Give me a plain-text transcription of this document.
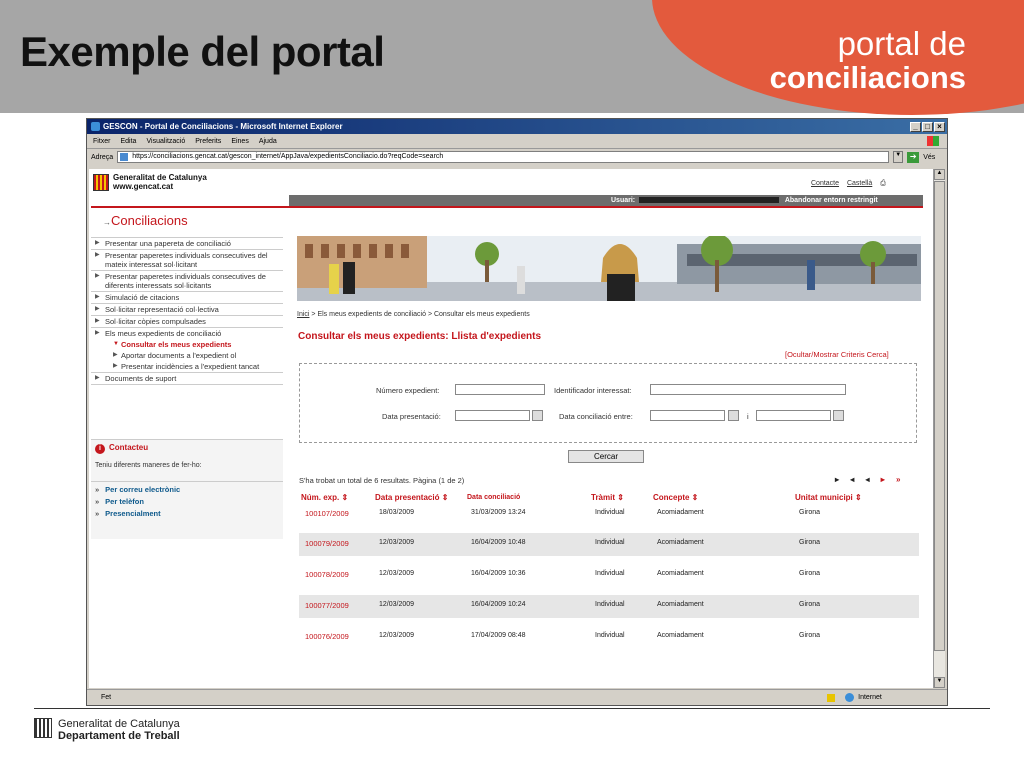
Exemple del portal	portal de
conciliacions
GESCON - Portal de Conciliacions - Microsoft Internet Explorer	_ □ ×
Fitxer Edita Visualització Preferits Eines Ajuda
Adreça	https://conciliacions.gencat.cat/gescon_internet/AppJava/expedientsConciliacio.do?reqCode=search	▼	➔ Vés
Generalitat de Catalunya
www.gencat.cat	Contacte Castellà ⎙
Usuari:	Abandonar entorn restringit
→Conciliacions
▶ Presentar una papereta de conciliació
▶ Presentar paperetes individuals consecutives del mateix interessat sol·licitant
▶ Presentar paperetes individuals consecutives de diferents interessats sol·licitants
▶ Simulació de citacions
▶ Sol·licitar representació col·lectiva
▶ Sol·licitar còpies compulsades
▶ Els meus expedients de conciliació
▼ Consultar els meus expedients
▶ Aportar documents a l'expedient ol
▶ Presentar incidències a l'expedient tancat
▶ Documents de suport
i Contacteu
Teniu diferents maneres de fer-ho:
» Per correu electrònic
» Per telèfon
» Presencialment
Inici > Els meus expedients de conciliació > Consultar els meus expedients
Consultar els meus expedients: Llista d'expedients
[Ocultar/Mostrar Criteris Cerca]
Número expedient:	Identificador interessat:
Data presentació:	Data conciliació entre:	i
Cercar
S'ha trobat un total de 6 resultats. Pàgina (1 de 2)	▸ ◂ ◂ ▸ »
Núm. exp. ⇕	Data presentació ⇕	Data conciliació	Tràmit ⇕	Concepte ⇕	Unitat municipi ⇕
100107/2009	18/03/2009	31/03/2009 13:24	Individual	Acomiadament	Girona
100079/2009	12/03/2009	16/04/2009 10:48	Individual	Acomiadament	Girona
100078/2009	12/03/2009	16/04/2009 10:36	Individual	Acomiadament	Girona
100077/2009	12/03/2009	16/04/2009 10:24	Individual	Acomiadament	Girona
100076/2009	12/03/2009	17/04/2009 08:48	Individual	Acomiadament	Girona
▲
▼
Fet	Internet
Generalitat de Catalunya
Departament de Treball
